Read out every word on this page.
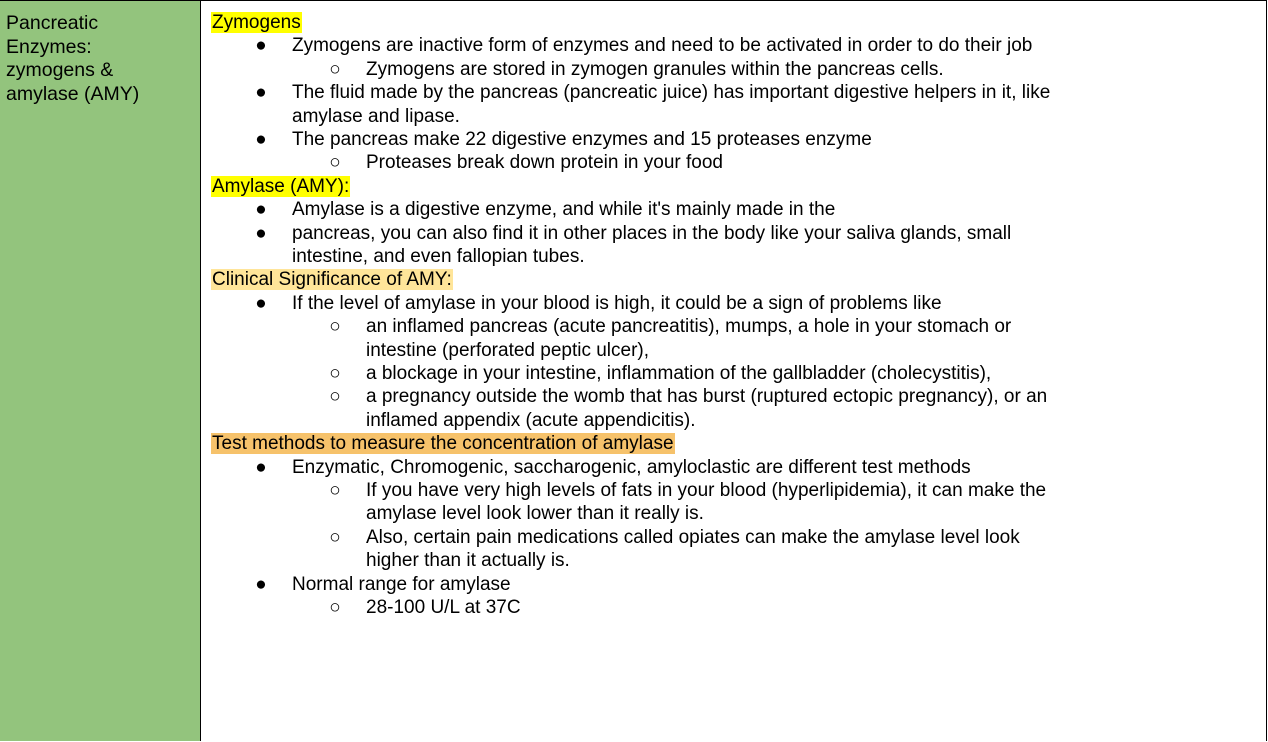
Pancreatic
Enzymes:
zymogens &
amylase (AMY)
Zymogens
● Zymogens are inactive form of enzymes and need to be activated in order to do their job
○ Zymogens are stored in zymogen granules within the pancreas cells.
● The fluid made by the pancreas (pancreatic juice) has important digestive helpers in it, like
amylase and lipase.
● The pancreas make 22 digestive enzymes and 15 proteases enzyme
○ Proteases break down protein in your food
Amylase (AMY):
● Amylase is a digestive enzyme, and while it's mainly made in the
● pancreas, you can also find it in other places in the body like your saliva glands, small
intestine, and even fallopian tubes.
Clinical Significance of AMY:
● If the level of amylase in your blood is high, it could be a sign of problems like
○ an inflamed pancreas (acute pancreatitis), mumps, a hole in your stomach or
intestine (perforated peptic ulcer),
○ a blockage in your intestine, inflammation of the gallbladder (cholecystitis),
○ a pregnancy outside the womb that has burst (ruptured ectopic pregnancy), or an
inflamed appendix (acute appendicitis).
Test methods to measure the concentration of amylase
● Enzymatic, Chromogenic, saccharogenic, amyloclastic are different test methods
○ If you have very high levels of fats in your blood (hyperlipidemia), it can make the
amylase level look lower than it really is.
○ Also, certain pain medications called opiates can make the amylase level look
higher than it actually is.
● Normal range for amylase
○ 28-100 U/L at 37C
